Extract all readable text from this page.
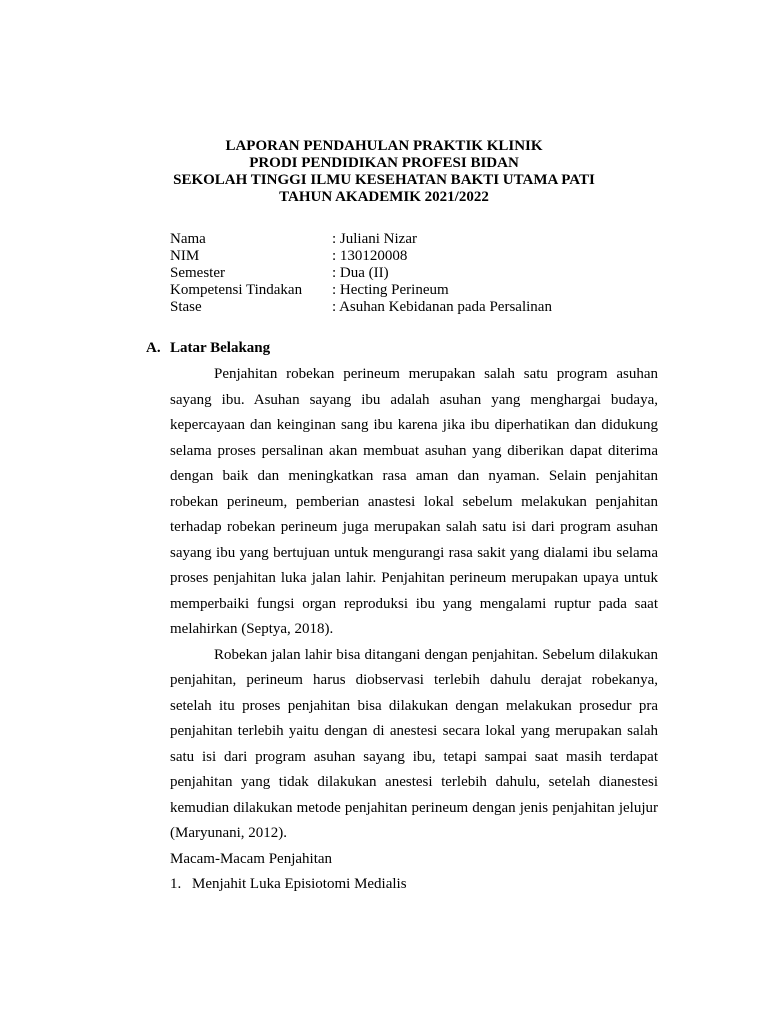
LAPORAN PENDAHULAN PRAKTIK KLINIK
PRODI PENDIDIKAN PROFESI BIDAN
SEKOLAH TINGGI ILMU KESEHATAN BAKTI UTAMA PATI
TAHUN AKADEMIK 2021/2022
Nama	: Juliani Nizar
NIM	: 130120008
Semester	: Dua (II)
Kompetensi Tindakan	: Hecting Perineum
Stase	: Asuhan Kebidanan pada Persalinan
A. Latar Belakang

Penjahitan robekan perineum merupakan salah satu program asuhan sayang ibu. Asuhan sayang ibu adalah asuhan yang menghargai budaya, kepercayaan dan keinginan sang ibu karena jika ibu diperhatikan dan didukung selama proses persalinan akan membuat asuhan yang diberikan dapat diterima dengan baik dan meningkatkan rasa aman dan nyaman. Selain penjahitan robekan perineum, pemberian anastesi lokal sebelum melakukan penjahitan terhadap robekan perineum juga merupakan salah satu isi dari program asuhan sayang ibu yang bertujuan untuk mengurangi rasa sakit yang dialami ibu selama proses penjahitan luka jalan lahir. Penjahitan perineum merupakan upaya untuk memperbaiki fungsi organ reproduksi ibu yang mengalami ruptur pada saat melahirkan (Septya, 2018).

Robekan jalan lahir bisa ditangani dengan penjahitan. Sebelum dilakukan penjahitan, perineum harus diobservasi terlebih dahulu derajat robekanya, setelah itu proses penjahitan bisa dilakukan dengan melakukan prosedur pra penjahitan terlebih yaitu dengan di anestesi secara lokal yang merupakan salah satu isi dari program asuhan sayang ibu, tetapi sampai saat masih terdapat penjahitan yang tidak dilakukan anestesi terlebih dahulu, setelah dianestesi kemudian dilakukan metode penjahitan perineum dengan jenis penjahitan jelujur (Maryunani, 2012).

Macam-Macam Penjahitan

1. Menjahit Luka Episiotomi Medialis
